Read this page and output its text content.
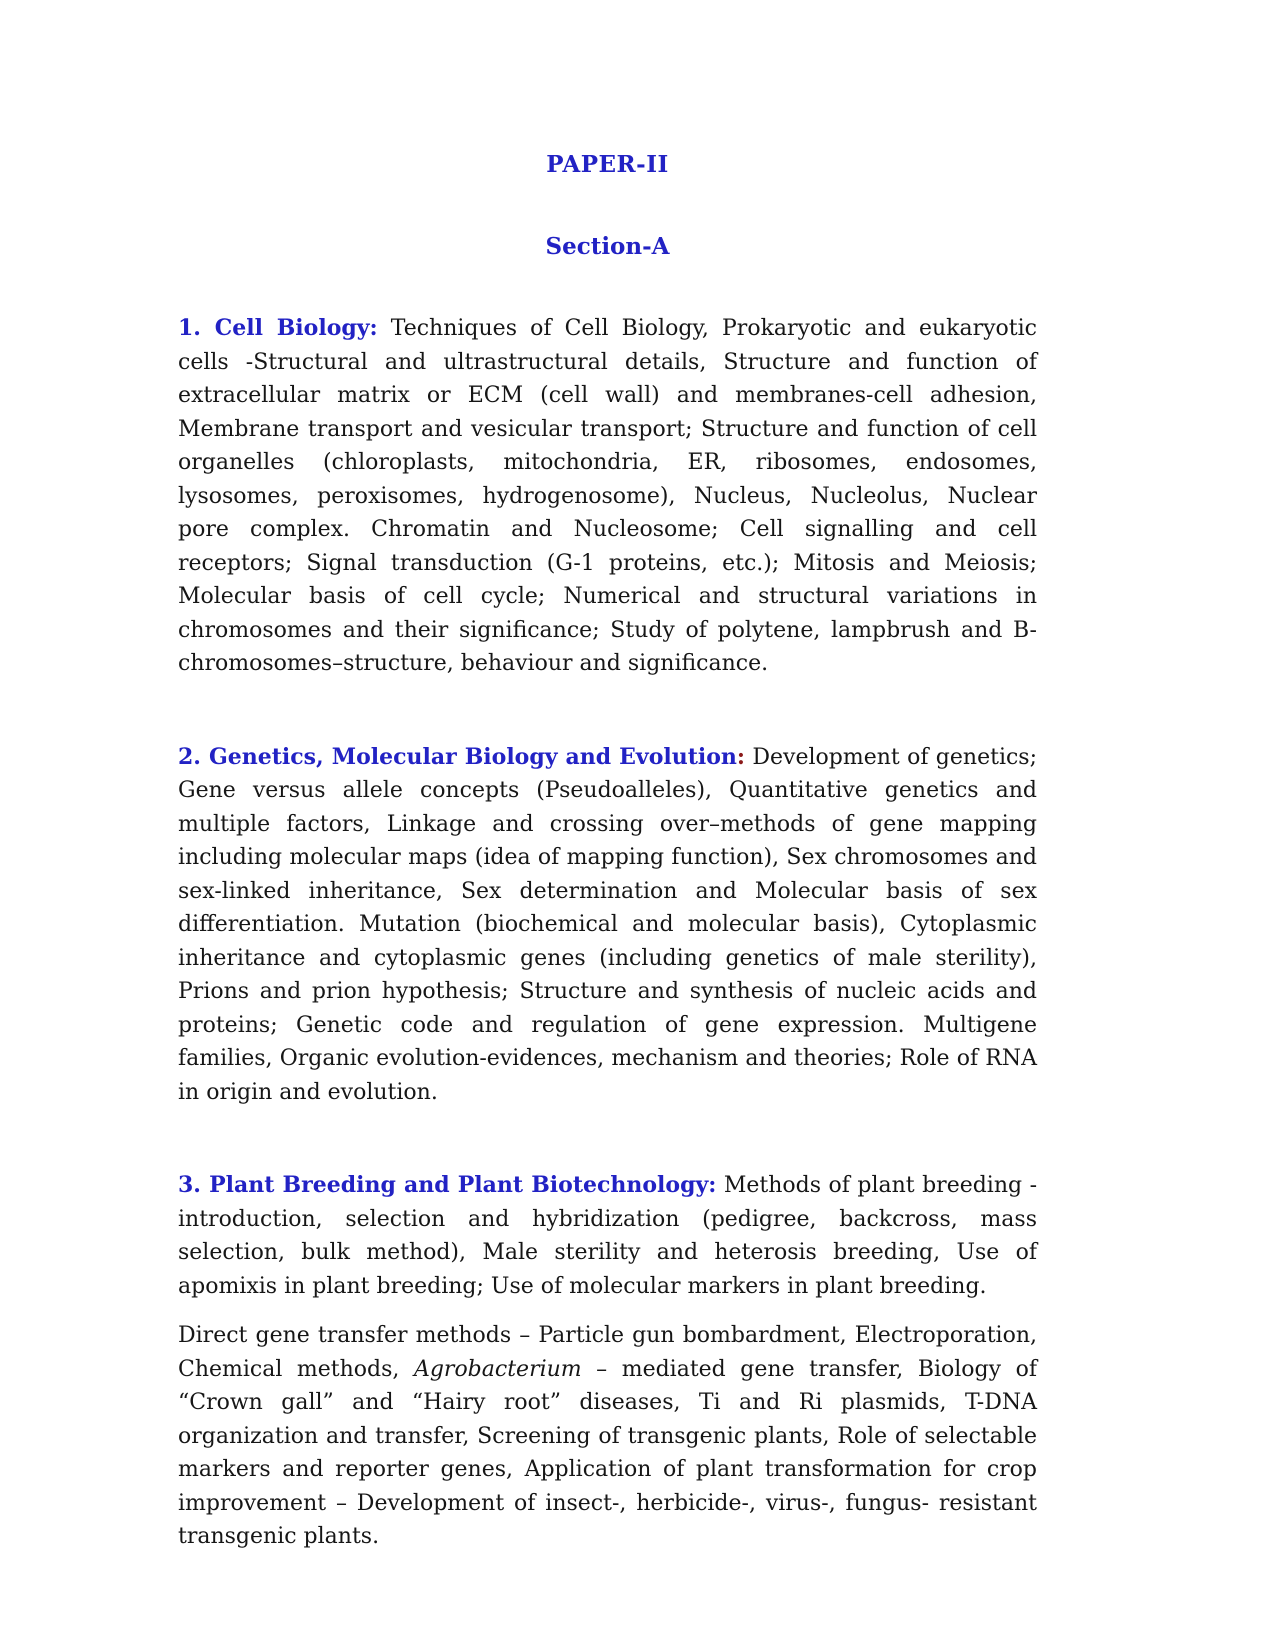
PAPER-II
Section-A

1. Cell Biology: Techniques of Cell Biology, Prokaryotic and eukaryotic cells -Structural and ultrastructural details, Structure and function of extracellular matrix or ECM (cell wall) and membranes-cell adhesion, Membrane transport and vesicular transport; Structure and function of cell organelles (chloroplasts, mitochondria, ER, ribosomes, endosomes, lysosomes, peroxisomes, hydrogenosome), Nucleus, Nucleolus, Nuclear pore complex. Chromatin and Nucleosome; Cell signalling and cell receptors; Signal transduction (G-1 proteins, etc.); Mitosis and Meiosis; Molecular basis of cell cycle; Numerical and structural variations in chromosomes and their significance; Study of polytene, lampbrush and B-chromosomes–structure, behaviour and significance.

2. Genetics, Molecular Biology and Evolution: Development of genetics; Gene versus allele concepts (Pseudoalleles), Quantitative genetics and multiple factors, Linkage and crossing over–methods of gene mapping including molecular maps (idea of mapping function), Sex chromosomes and sex-linked inheritance, Sex determination and Molecular basis of sex differentiation. Mutation (biochemical and molecular basis), Cytoplasmic inheritance and cytoplasmic genes (including genetics of male sterility), Prions and prion hypothesis; Structure and synthesis of nucleic acids and proteins; Genetic code and regulation of gene expression. Multigene families, Organic evolution-evidences, mechanism and theories; Role of RNA in origin and evolution.

3. Plant Breeding and Plant Biotechnology: Methods of plant breeding - introduction, selection and hybridization (pedigree, backcross, mass selection, bulk method), Male sterility and heterosis breeding, Use of apomixis in plant breeding; Use of molecular markers in plant breeding.

Direct gene transfer methods – Particle gun bombardment, Electroporation, Chemical methods, Agrobacterium – mediated gene transfer, Biology of “Crown gall” and “Hairy root” diseases, Ti and Ri plasmids, T-DNA organization and transfer, Screening of transgenic plants, Role of selectable markers and reporter genes, Application of plant transformation for crop improvement – Development of insect-, herbicide-, virus-, fungus- resistant transgenic plants.
